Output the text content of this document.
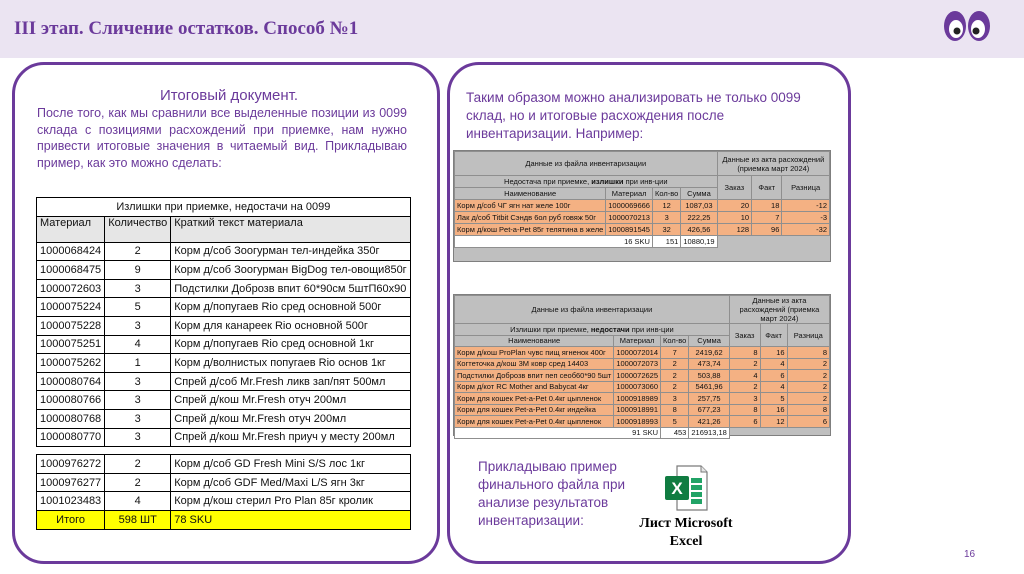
III этап. Сличение остатков. Способ №1
Итоговый документ.
После того, как мы сравнили все выделенные позиции из 0099 склада с позициями расхождений при приемке, нам нужно привести итоговые значения в читаемый вид. Прикладываю пример, как это можно сделать:
Излишки при приемке, недостачи на 0099		
Материал	Количество	Краткий текст материала
1000068424	2	Корм д/соб Зоогурман тел-индейка 350г
1000068475	9	Корм д/соб Зоогурман BigDog тел-овощи850г
1000072603	3	Подстилки Доброзв впит 60*90см 5штП60х90
1000075224	5	Корм д/попугаев Rio сред основной 500г
1000075228	3	Корм для канареек Rio основной 500г
1000075251	4	Корм д/попугаев Rio сред основной 1кг
1000075262	1	Корм д/волнистых попугаев Rio основ 1кг
1000080764	3	Спрей д/соб Mr.Fresh ликв зап/пят 500мл
1000080766	3	Спрей д/кош Mr.Fresh отуч 200мл
1000080768	3	Спрей д/кош Mr.Fresh отуч 200мл
1000080770	3	Спрей д/кош Mr.Fresh приуч у месту 200мл

1000976272	2	Корм д/соб GD Fresh Mini S/S лос 1кг
1000976277	2	Корм д/соб GDF Med/Maxi L/S ягн 3кг
1001023483	4	Корм д/кош стерил Pro Plan 85г кролик
Итого	598 ШТ	78 SKU
Таким образом можно анализировать не только 0099 склад, но и итоговые расхождения после инвентаризации. Например:
Прикладываю пример финального файла при анализе результатов инвентаризации:
Данные из файла инвентаризации				Данные из акта расхождений (приемка март 2024)		

Недостача при приемке, излишки при инв-ции				Заказ	Факт	Разница
Наименование	Материал	Кол-во	Сумма			
Корм д/соб ЧГ ягн нат желе 100г	1000069666	12	1087,03	20	18	-12
Лак д/соб Titbit Сэндв 6ол руб говяж 50г	1000070213	3	222,25	10	7	-3
Корм д/кош Pet-a-Pet 85г телятина в желе	1000891545	32	426,56	128	96	-32
16 SKU		151	10880,19			
Данные из файла инвентаризации				Данные из акта расхождений (приемка март 2024)		

Излишки при приемке, недостачи при инв-ции				Заказ	Факт	Разница
Наименование	Материал	Кол-во	Сумма			
Корм д/кош ProPlan чувс пищ ягненок 400г	1000072014	7	2419,62	8	16	8
Когтеточка д/кош 3M ковр сред 14403	1000072073	2	473,74	2	4	2
Подстилки Доброзв впит пеп сеоб60*90 5шт	1000072625	2	503,88	4	6	2
Корм д/кот RC Mother and Babycat 4кг	1000073060	2	5461,96	2	4	2
Корм для кошек Pet-a-Pet 0.4кг цыпленок	1000918989	3	257,75	3	5	2
Корм для кошек Pet-a-Pet 0.4кг индейка	1000918991	8	677,23	8	16	8
Корм для кошек Pet-a-Pet 0.4кг цыпленок	1000918993	5	421,26	6	12	6
91 SKU		453	216913,18			
X
Лист Microsoft Excel
16
